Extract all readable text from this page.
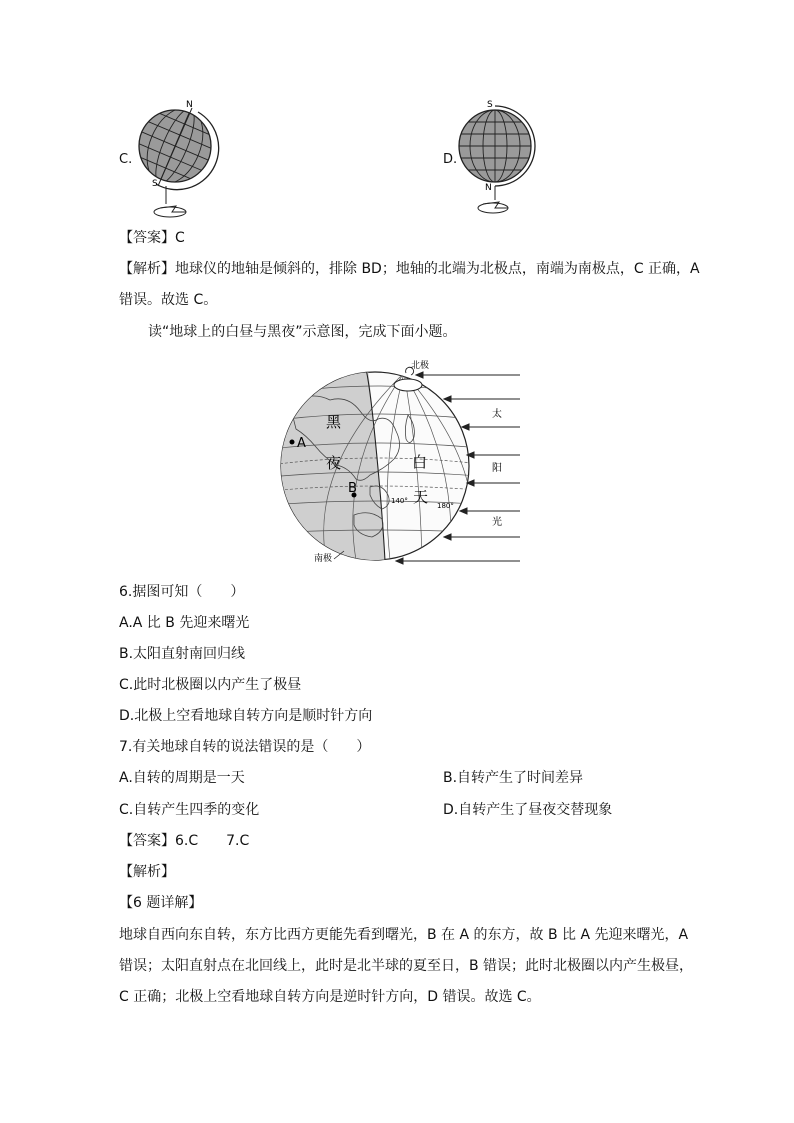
C.
N
S
D.
S
N
【答案】C
【解析】地球仪的地轴是倾斜的，排除 BD；地轴的北端为北极点，南端为南极点，C 正确，A
错误。故选 C。
读“地球上的白昼与黑夜”示意图，完成下面小题。
北极
南极
黑
夜	白
天
A
B
140°
180°
太
阳
光
6.据图可知（　　）
A.A 比 B 先迎来曙光
B.太阳直射南回归线
C.此时北极圈以内产生了极昼
D.北极上空看地球自转方向是顺时针方向
7.有关地球自转的说法错误的是（　　）
A.自转的周期是一天	B.自转产生了时间差异
C.自转产生四季的变化	D.自转产生了昼夜交替现象
【答案】6.C　　7.C
【解析】
【6 题详解】
地球自西向东自转，东方比西方更能先看到曙光，B 在 A 的东方，故 B 比 A 先迎来曙光，A
错误；太阳直射点在北回线上，此时是北半球的夏至日，B 错误；此时北极圈以内产生极昼，
C 正确；北极上空看地球自转方向是逆时针方向，D 错误。故选 C。
